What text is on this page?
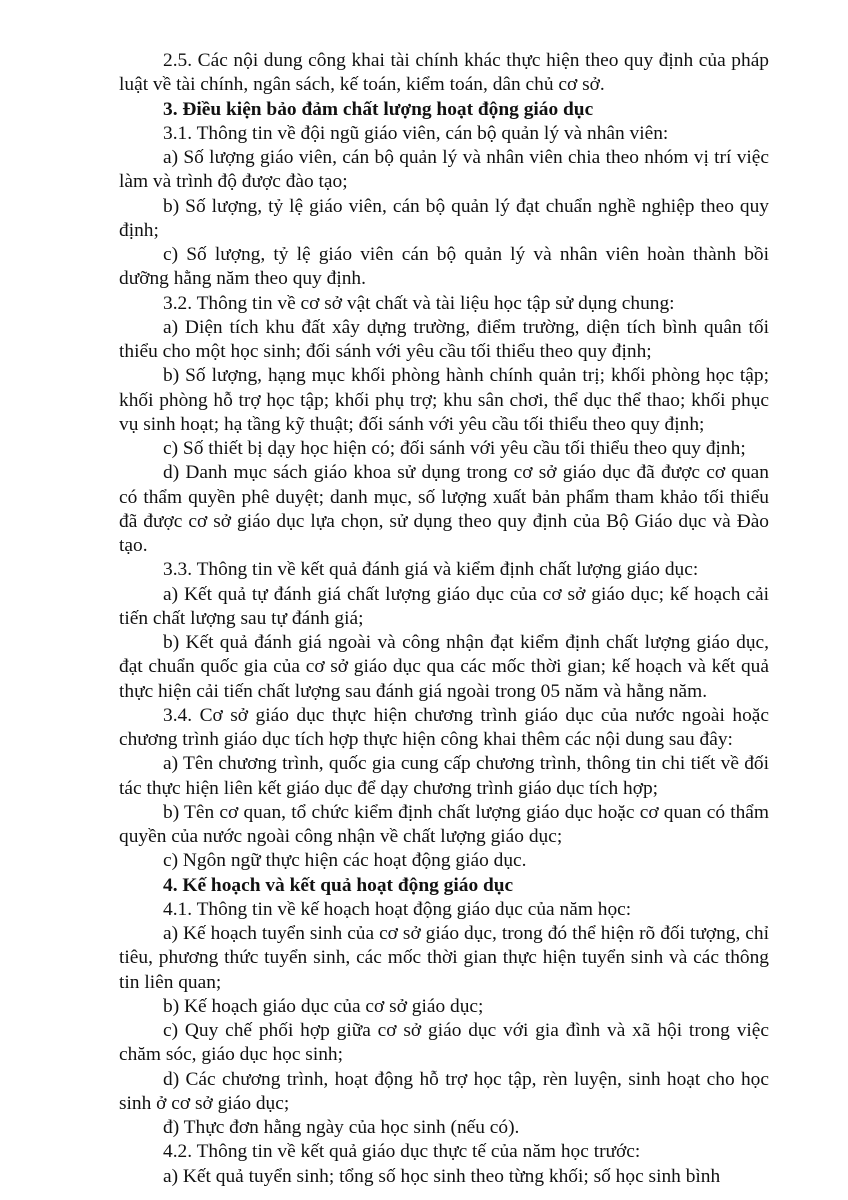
2.5. Các nội dung công khai tài chính khác thực hiện theo quy định của pháp luật về tài chính, ngân sách, kế toán, kiểm toán, dân chủ cơ sở.

3. Điều kiện bảo đảm chất lượng hoạt động giáo dục

3.1. Thông tin về đội ngũ giáo viên, cán bộ quản lý và nhân viên:

a) Số lượng giáo viên, cán bộ quản lý và nhân viên chia theo nhóm vị trí việc làm và trình độ được đào tạo;

b) Số lượng, tỷ lệ giáo viên, cán bộ quản lý đạt chuẩn nghề nghiệp theo quy định;

c) Số lượng, tỷ lệ giáo viên cán bộ quản lý và nhân viên hoàn thành bồi dưỡng hằng năm theo quy định.

3.2. Thông tin về cơ sở vật chất và tài liệu học tập sử dụng chung:

a) Diện tích khu đất xây dựng trường, điểm trường, diện tích bình quân tối thiểu cho một học sinh; đối sánh với yêu cầu tối thiểu theo quy định;

b) Số lượng, hạng mục khối phòng hành chính quản trị; khối phòng học tập; khối phòng hỗ trợ học tập; khối phụ trợ; khu sân chơi, thể dục thể thao; khối phục vụ sinh hoạt; hạ tầng kỹ thuật; đối sánh với yêu cầu tối thiểu theo quy định;

c) Số thiết bị dạy học hiện có; đối sánh với yêu cầu tối thiểu theo quy định;

d) Danh mục sách giáo khoa sử dụng trong cơ sở giáo dục đã được cơ quan có thẩm quyền phê duyệt; danh mục, số lượng xuất bản phẩm tham khảo tối thiểu đã được cơ sở giáo dục lựa chọn, sử dụng theo quy định của Bộ Giáo dục và Đào tạo.

3.3. Thông tin về kết quả đánh giá và kiểm định chất lượng giáo dục:

a) Kết quả tự đánh giá chất lượng giáo dục của cơ sở giáo dục; kế hoạch cải tiến chất lượng sau tự đánh giá;

b) Kết quả đánh giá ngoài và công nhận đạt kiểm định chất lượng giáo dục, đạt chuẩn quốc gia của cơ sở giáo dục qua các mốc thời gian; kế hoạch và kết quả thực hiện cải tiến chất lượng sau đánh giá ngoài trong 05 năm và hằng năm.

3.4. Cơ sở giáo dục thực hiện chương trình giáo dục của nước ngoài hoặc chương trình giáo dục tích hợp thực hiện công khai thêm các nội dung sau đây:

a) Tên chương trình, quốc gia cung cấp chương trình, thông tin chi tiết về đối tác thực hiện liên kết giáo dục để dạy chương trình giáo dục tích hợp;

b) Tên cơ quan, tổ chức kiểm định chất lượng giáo dục hoặc cơ quan có thẩm quyền của nước ngoài công nhận về chất lượng giáo dục;

c) Ngôn ngữ thực hiện các hoạt động giáo dục.

4. Kế hoạch và kết quả hoạt động giáo dục

4.1. Thông tin về kế hoạch hoạt động giáo dục của năm học:

a) Kế hoạch tuyển sinh của cơ sở giáo dục, trong đó thể hiện rõ đối tượng, chỉ tiêu, phương thức tuyển sinh, các mốc thời gian thực hiện tuyển sinh và các thông tin liên quan;

b) Kế hoạch giáo dục của cơ sở giáo dục;

c) Quy chế phối hợp giữa cơ sở giáo dục với gia đình và xã hội trong việc chăm sóc, giáo dục học sinh;

d) Các chương trình, hoạt động hỗ trợ học tập, rèn luyện, sinh hoạt cho học sinh ở cơ sở giáo dục;

đ) Thực đơn hằng ngày của học sinh (nếu có).

4.2. Thông tin về kết quả giáo dục thực tế của năm học trước:

a) Kết quả tuyển sinh; tổng số học sinh theo từng khối; số học sinh bình
